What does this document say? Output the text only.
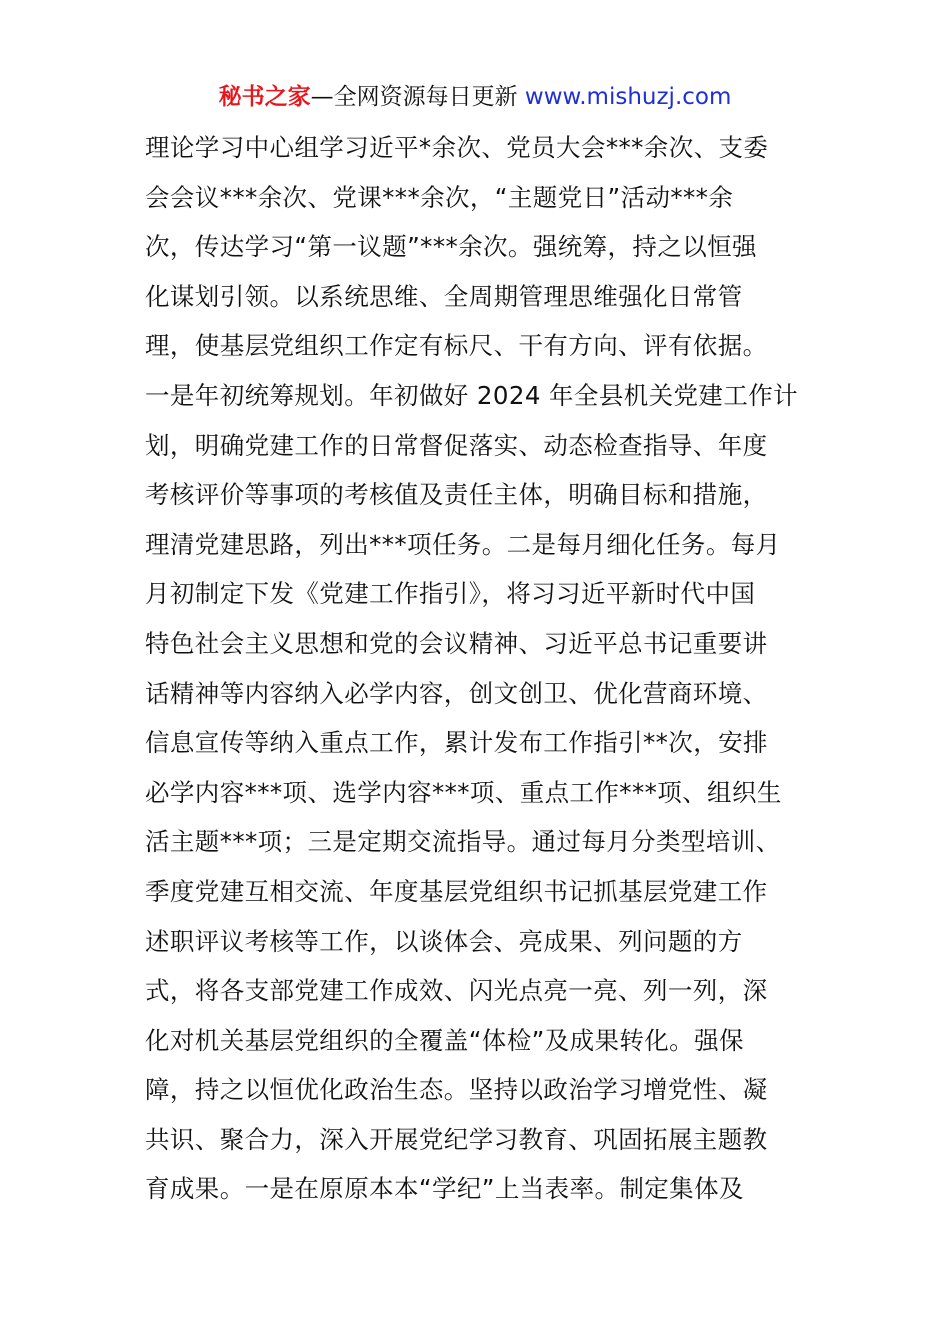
秘书之家—全网资源每日更新 www.mishuzj.com
理论学习中心组学习近平*余次、党员大会***余次、支委
会会议***余次、党课***余次，“主题党日”活动***余
次，传达学习“第一议题”***余次。强统筹，持之以恒强
化谋划引领。以系统思维、全周期管理思维强化日常管
理，使基层党组织工作定有标尺、干有方向、评有依据。
一是年初统筹规划。年初做好 2024 年全县机关党建工作计
划，明确党建工作的日常督促落实、动态检查指导、年度
考核评价等事项的考核值及责任主体，明确目标和措施，
理清党建思路，列出***项任务。二是每月细化任务。每月
月初制定下发《党建工作指引》，将习习近平新时代中国
特色社会主义思想和党的会议精神、习近平总书记重要讲
话精神等内容纳入必学内容，创文创卫、优化营商环境、
信息宣传等纳入重点工作，累计发布工作指引**次，安排
必学内容***项、选学内容***项、重点工作***项、组织生
活主题***项；三是定期交流指导。通过每月分类型培训、
季度党建互相交流、年度基层党组织书记抓基层党建工作
述职评议考核等工作，以谈体会、亮成果、列问题的方
式，将各支部党建工作成效、闪光点亮一亮、列一列，深
化对机关基层党组织的全覆盖“体检”及成果转化。强保
障，持之以恒优化政治生态。坚持以政治学习增党性、凝
共识、聚合力，深入开展党纪学习教育、巩固拓展主题教
育成果。一是在原原本本“学纪”上当表率。制定集体及
